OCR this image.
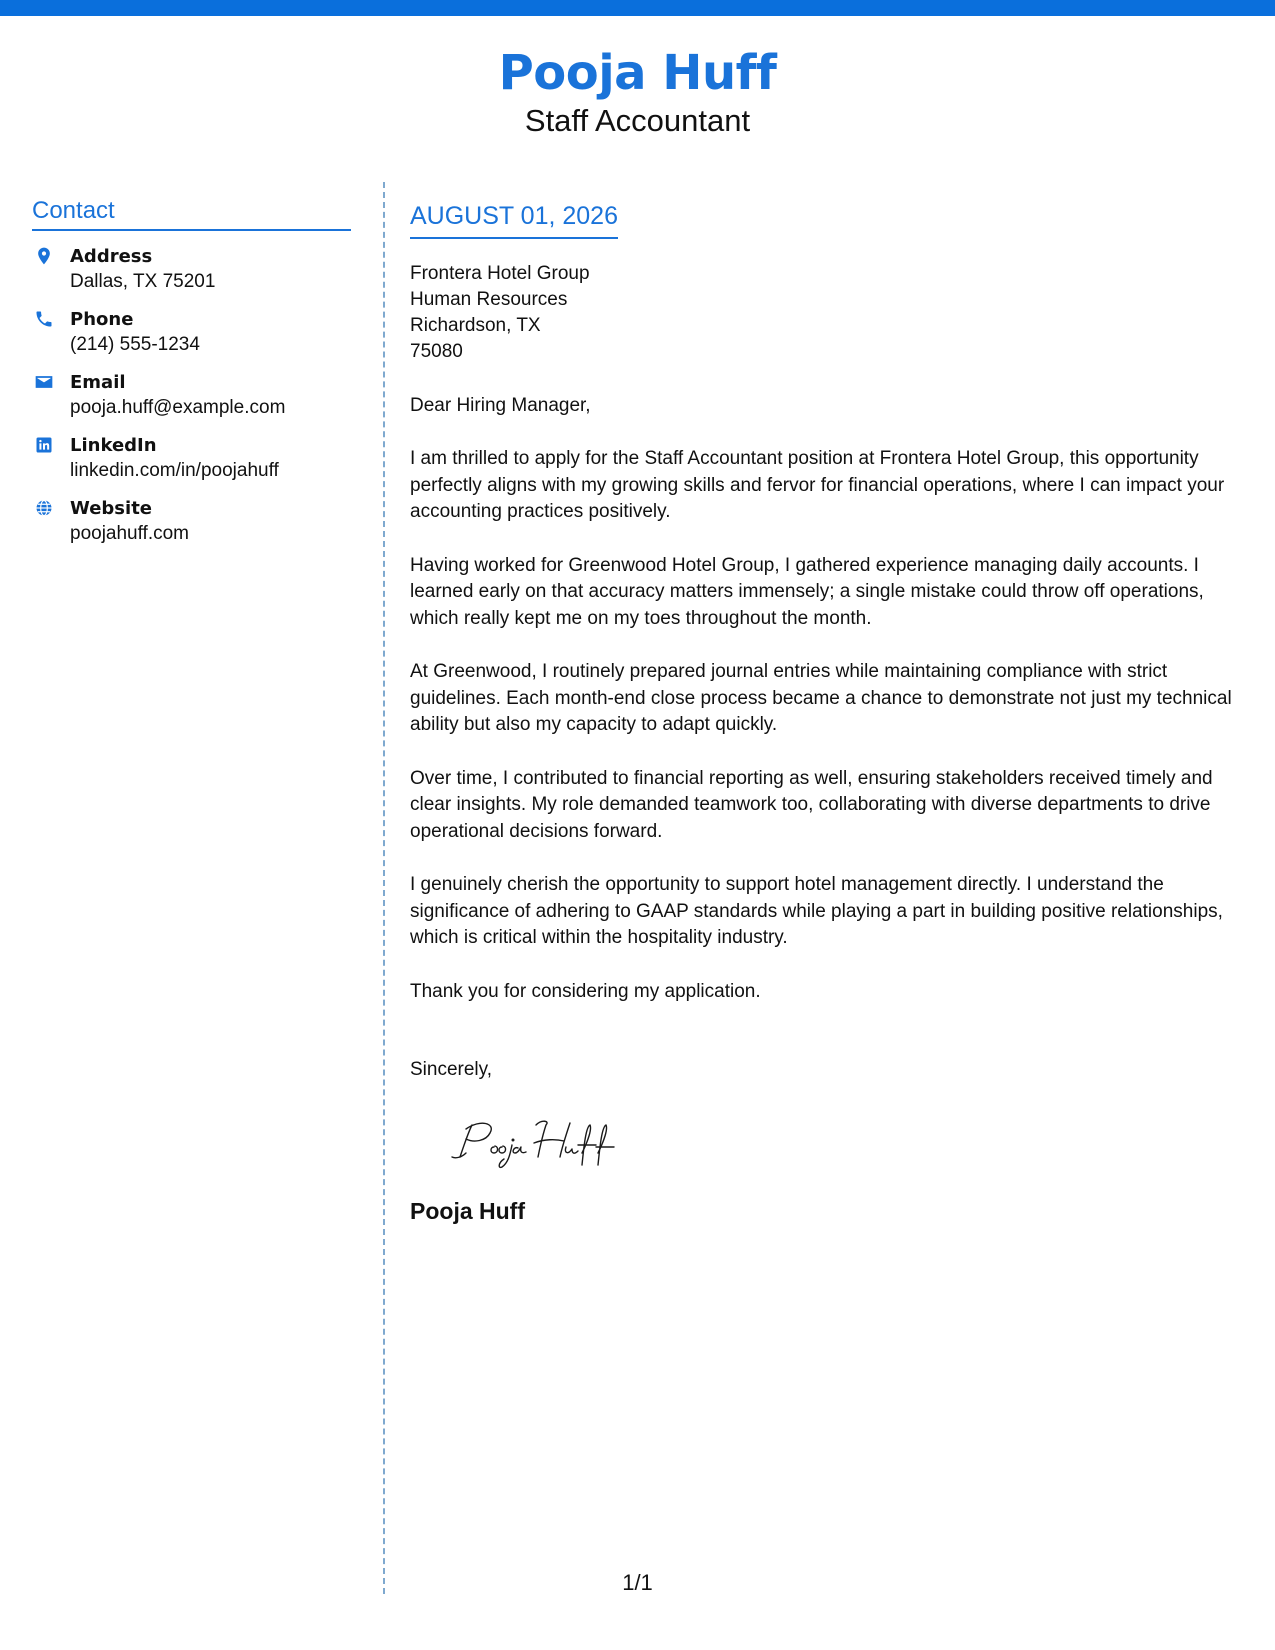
Pooja Huff
Staff Accountant
Contact
Address
Dallas, TX 75201
Phone
(214) 555-1234
Email
pooja.huff@example.com
LinkedIn
linkedin.com/in/poojahuff
Website
poojahuff.com
AUGUST 01, 2026
Frontera Hotel Group
Human Resources
Richardson, TX
75080
Dear Hiring Manager,

I am thrilled to apply for the Staff Accountant position at Frontera Hotel Group, this opportunity perfectly aligns with my growing skills and fervor for financial operations, where I can impact your accounting practices positively.

Having worked for Greenwood Hotel Group, I gathered experience managing daily accounts. I learned early on that accuracy matters immensely; a single mistake could throw off operations, which really kept me on my toes throughout the month.

At Greenwood, I routinely prepared journal entries while maintaining compliance with strict guidelines. Each month-end close process became a chance to demonstrate not just my technical ability but also my capacity to adapt quickly.

Over time, I contributed to financial reporting as well, ensuring stakeholders received timely and clear insights. My role demanded teamwork too, collaborating with diverse departments to drive operational decisions forward.

I genuinely cherish the opportunity to support hotel management directly. I understand the significance of adhering to GAAP standards while playing a part in building positive relationships, which is critical within the hospitality industry.

Thank you for considering my application.

Sincerely,
Pooja Huff
1/1
